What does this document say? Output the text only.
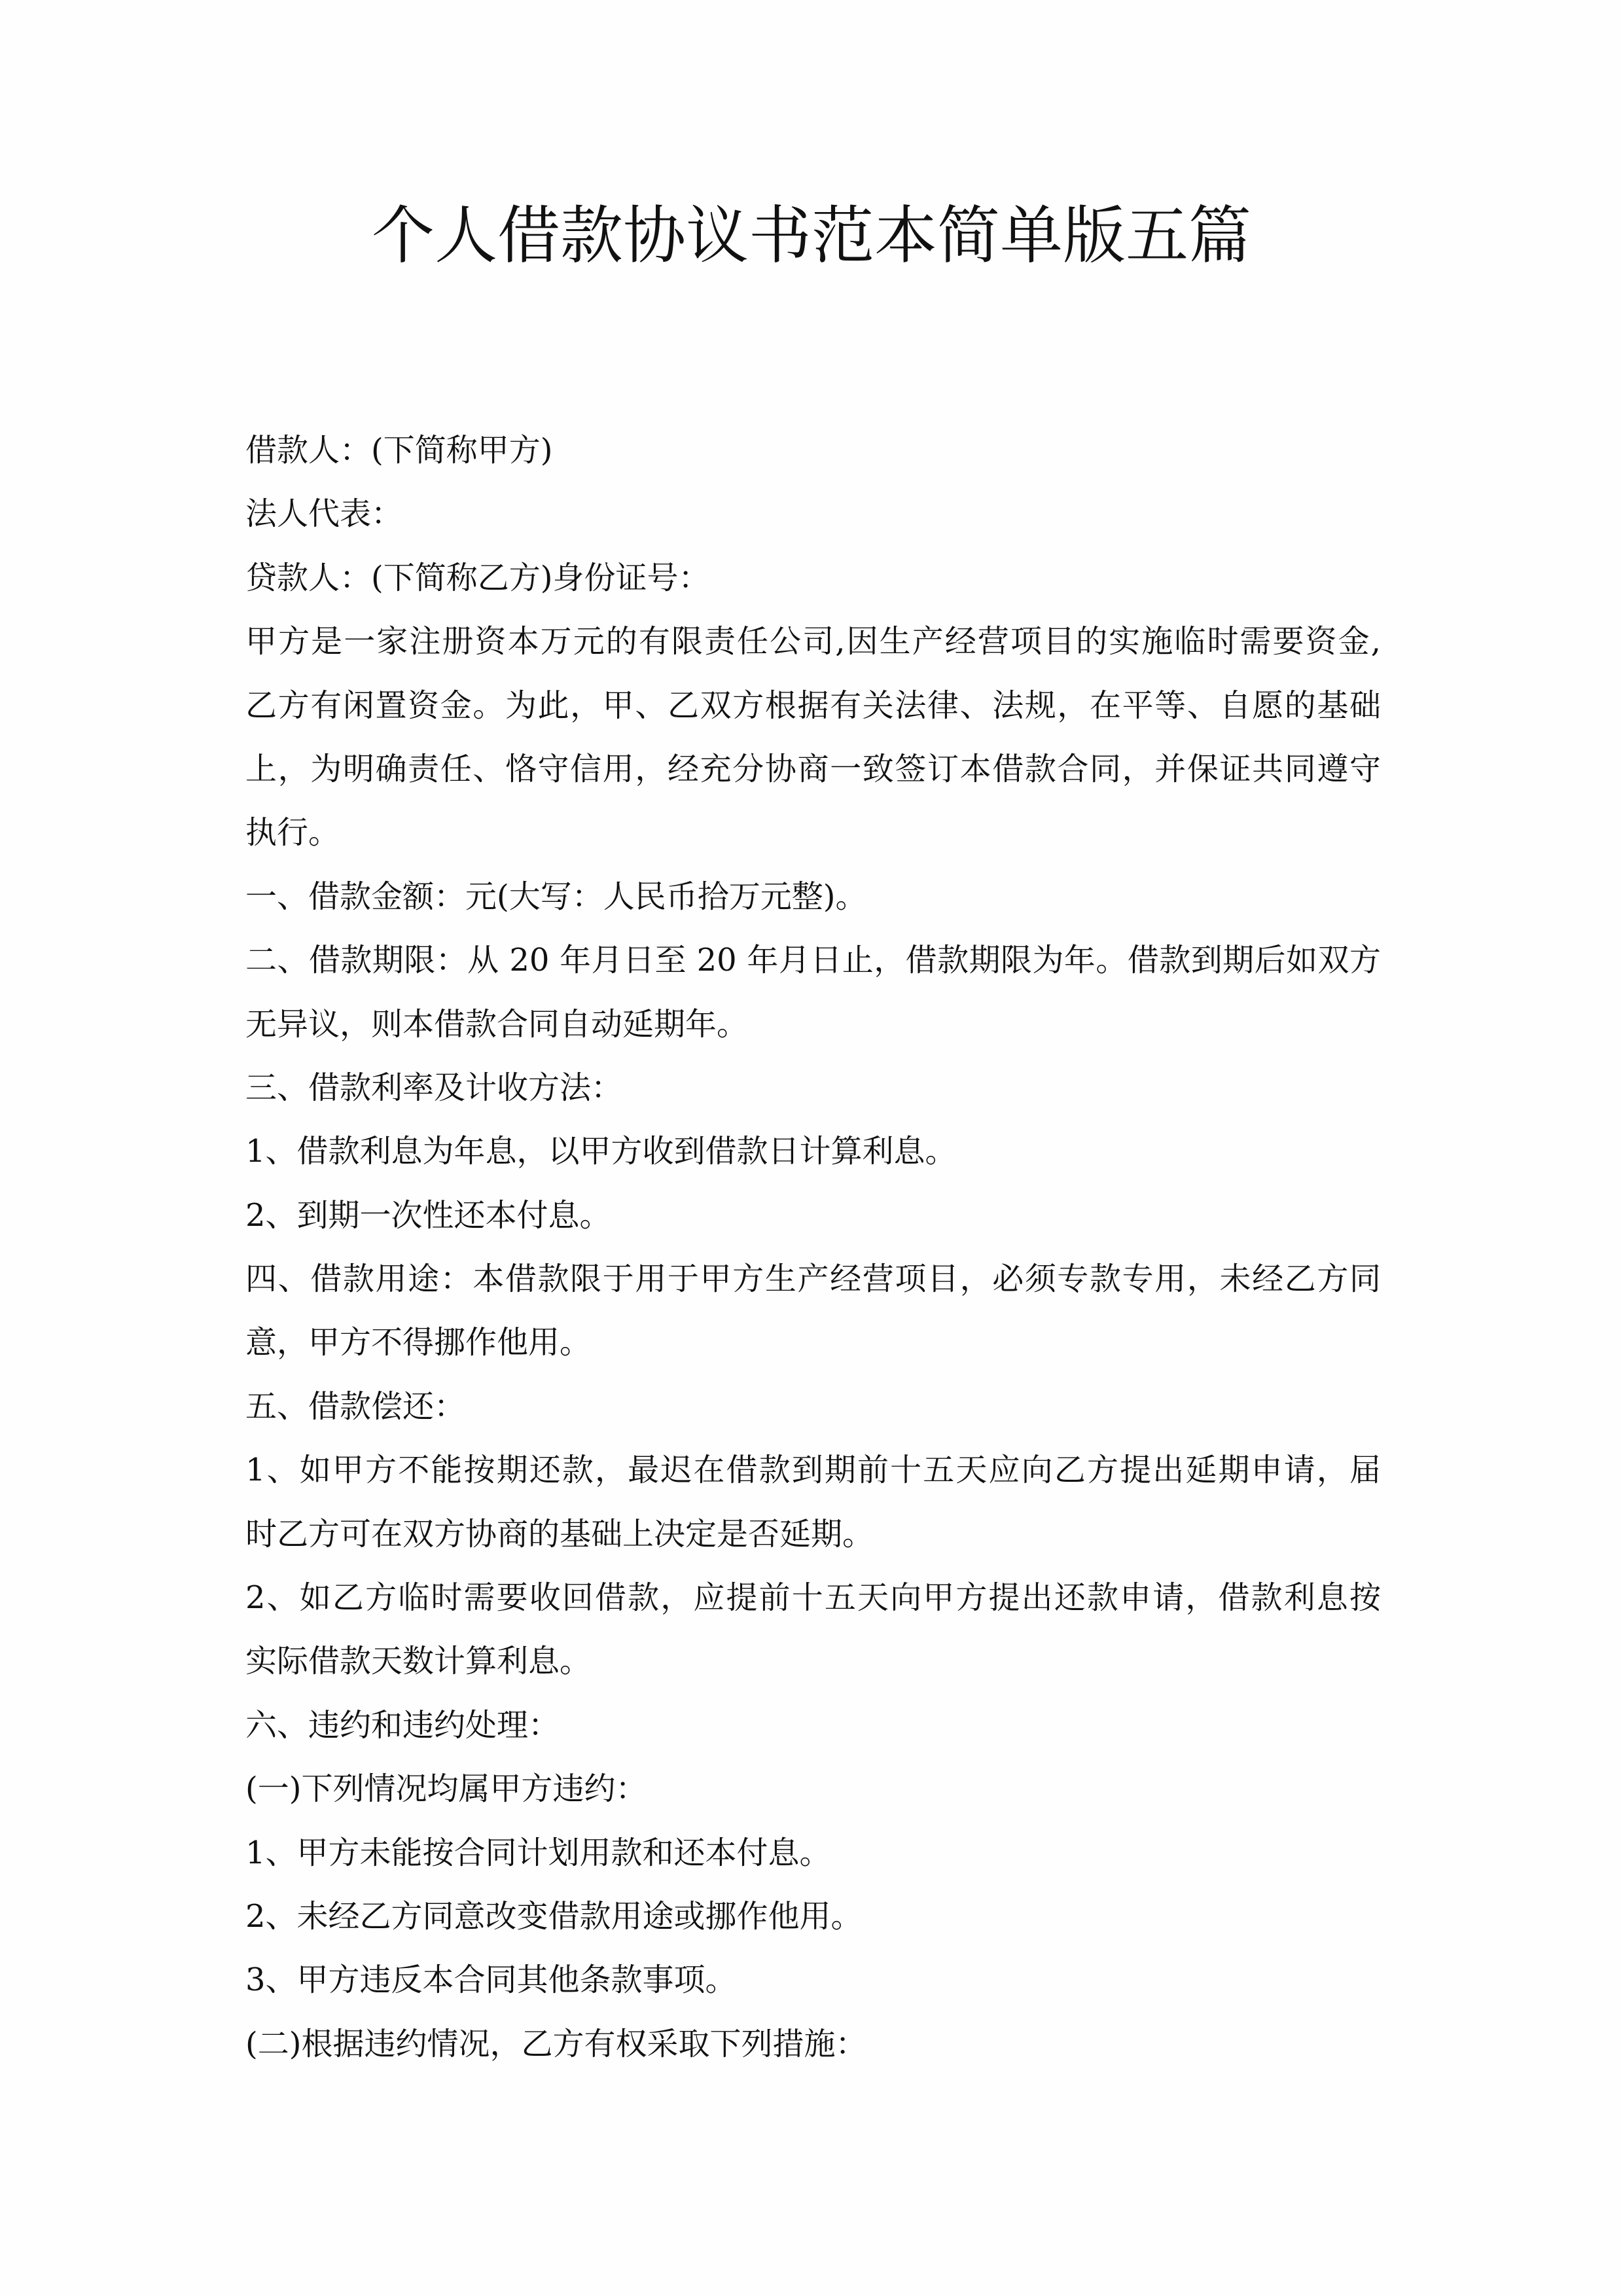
个人借款协议书范本简单版五篇
借款人：(下简称甲方)
法人代表：
贷款人：(下简称乙方)身份证号：
甲方是一家注册资本万元的有限责任公司,因生产经营项目的实施临时需要资金,
乙方有闲置资金。为此，甲、乙双方根据有关法律、法规，在平等、自愿的基础
上，为明确责任、恪守信用，经充分协商一致签订本借款合同，并保证共同遵守
执行。
一、借款金额：元(大写：人民币拾万元整)。
二、借款期限：从 20 年月日至 20 年月日止，借款期限为年。借款到期后如双方
无异议，则本借款合同自动延期年。
三、借款利率及计收方法：
1、借款利息为年息，以甲方收到借款日计算利息。
2、到期一次性还本付息。
四、借款用途：本借款限于用于甲方生产经营项目，必须专款专用，未经乙方同
意，甲方不得挪作他用。
五、借款偿还：
1、如甲方不能按期还款，最迟在借款到期前十五天应向乙方提出延期申请，届
时乙方可在双方协商的基础上决定是否延期。
2、如乙方临时需要收回借款，应提前十五天向甲方提出还款申请，借款利息按
实际借款天数计算利息。
六、违约和违约处理：
(一)下列情况均属甲方违约：
1、甲方未能按合同计划用款和还本付息。
2、未经乙方同意改变借款用途或挪作他用。
3、甲方违反本合同其他条款事项。
(二)根据违约情况，乙方有权采取下列措施：
